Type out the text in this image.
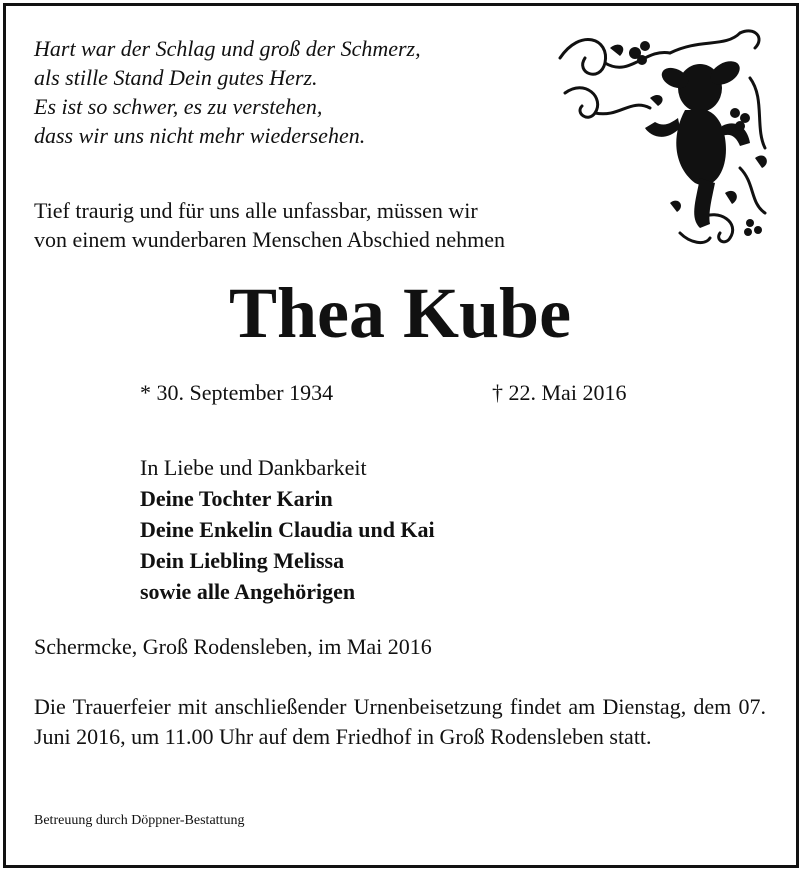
Hart war der Schlag und groß der Schmerz,
als stille Stand Dein gutes Herz.
Es ist so schwer, es zu verstehen,
dass wir uns nicht mehr wiedersehen.
Tief traurig und für uns alle unfassbar, müssen wir
von einem wunderbaren Menschen Abschied nehmen
Thea Kube
* 30. September 1934	† 22. Mai 2016
In Liebe und Dankbarkeit
Deine Tochter Karin
Deine Enkelin Claudia und Kai
Dein Liebling Melissa
sowie alle Angehörigen
Schermcke, Groß Rodensleben, im Mai 2016
Die Trauerfeier mit anschließender Urnenbeisetzung findet am Dienstag, dem 07. Juni 2016, um 11.00 Uhr auf dem Friedhof in Groß Rodensleben statt.
Betreuung durch Döppner-Bestattung
